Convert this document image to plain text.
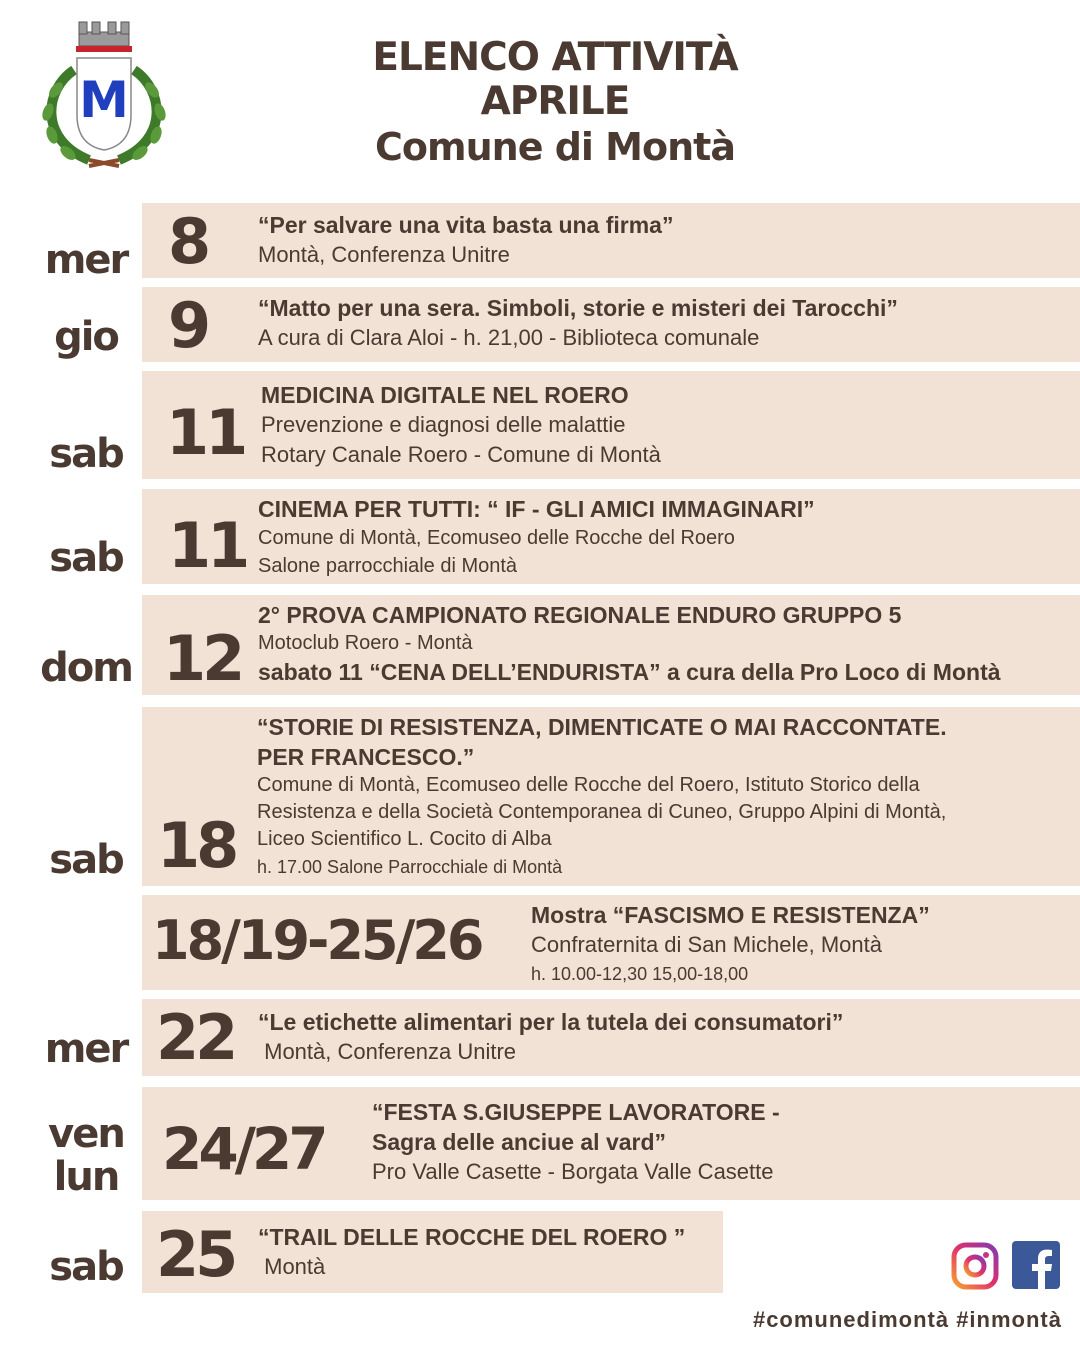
M
ELENCO ATTIVITÀ
APRILE
Comune di Montà
mer 8 “Per salvare una vita basta una firma”
Montà, Conferenza Unitre
gio 9 “Matto per una sera. Simboli, storie e misteri dei Tarocchi”
A cura di Clara Aloi - h. 21,00 - Biblioteca comunale
sab 11
MEDICINA DIGITALE NEL ROERO
Prevenzione e diagnosi delle malattie
Rotary Canale Roero - Comune di Montà
sab 11 CINEMA PER TUTTI: “ IF - GLI AMICI IMMAGINARI”
Comune di Montà, Ecomuseo delle Rocche del Roero
Salone parrocchiale di Montà
dom 12
2° PROVA CAMPIONATO REGIONALE ENDURO GRUPPO 5
Motoclub Roero - Montà
sabato 11 “CENA DELL’ENDURISTA” a cura della Pro Loco di Montà
sab 18
“STORIE DI RESISTENZA, DIMENTICATE O MAI RACCONTATE.
PER FRANCESCO.”
Comune di Montà, Ecomuseo delle Rocche del Roero, Istituto Storico della
Resistenza e della Società Contemporanea di Cuneo, Gruppo Alpini di Montà,
Liceo Scientifico L. Cocito di Alba
h. 17.00 Salone Parrocchiale di Montà
18/19-25/26 Mostra “FASCISMO E RESISTENZA”
Confraternita di San Michele, Montà
h. 10.00-12,30 15,00-18,00
mer 22 “Le etichette alimentari per la tutela dei consumatori”
Montà, Conferenza Unitre
ven
lun 24/27
“FESTA S.GIUSEPPE LAVORATORE -
Sagra delle anciue al vard”
Pro Valle Casette - Borgata Valle Casette
sab 25 “TRAIL DELLE ROCCHE DEL ROERO ”
Montà
#comunedimontà #inmontà
